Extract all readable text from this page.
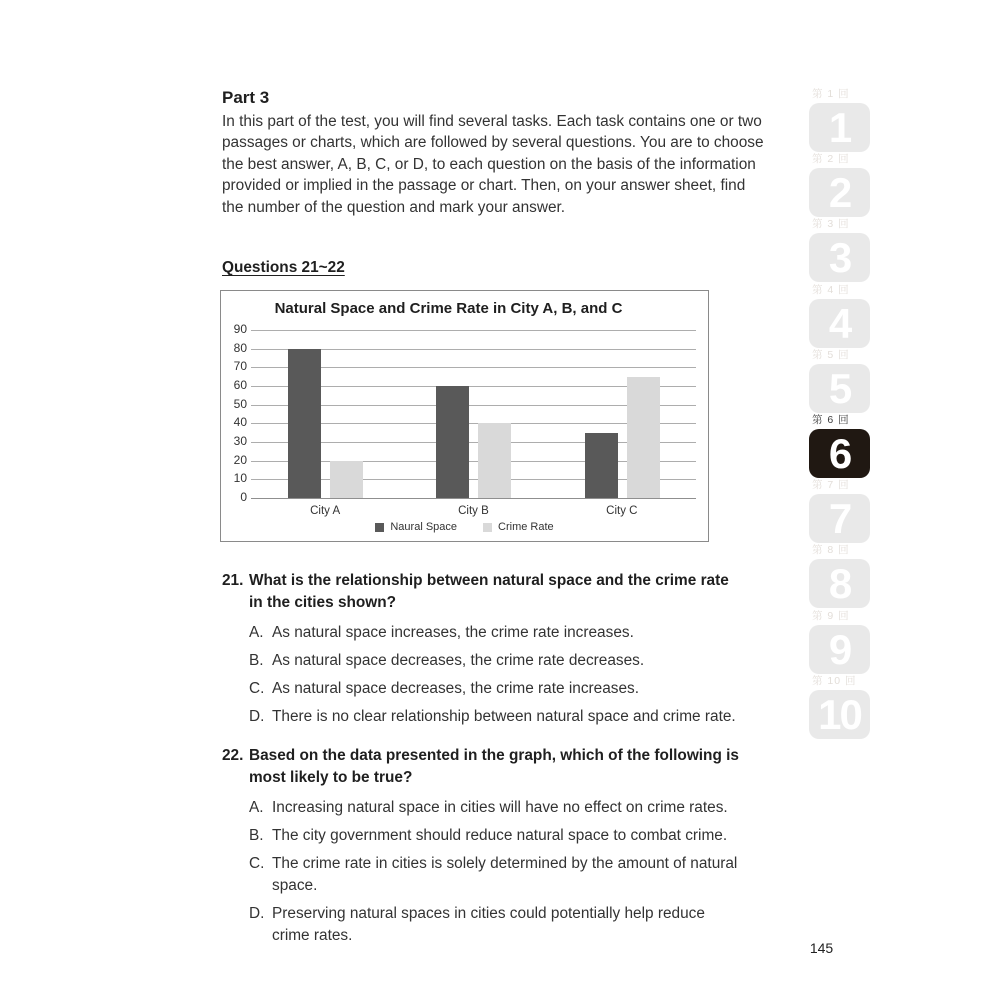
Part 3
In this part of the test, you will find several tasks. Each task contains one or two
passages or charts, which are followed by several questions. You are to choose
the best answer, A, B, C, or D, to each question on the basis of the information
provided or implied in the passage or chart. Then, on your answer sheet, find
the number of the question and mark your answer.
Questions 21~22
Natural Space and Crime Rate in City A, B, and C
0
10
20
30
40
50
60
70
80
90
City A	City B	City C
Naural Space	Crime Rate
21. What is the relationship between natural space and the crime rate
in the cities shown?
A. As natural space increases, the crime rate increases.
B. As natural space decreases, the crime rate decreases.
C. As natural space decreases, the crime rate increases.
D. There is no clear relationship between natural space and crime rate.
22. Based on the data presented in the graph, which of the following is
most likely to be true?
A. Increasing natural space in cities will have no effect on crime rates.
B. The city government should reduce natural space to combat crime.
C. The crime rate in cities is solely determined by the amount of natural
space.
D. Preserving natural spaces in cities could potentially help reduce
crime rates.
第 1 回
1
第 2 回
2
第 3 回
3
第 4 回
4
第 5 回
5
第 6 回
6
第 7 回
7
第 8 回
8
第 9 回
9
第 10 回
10
145
